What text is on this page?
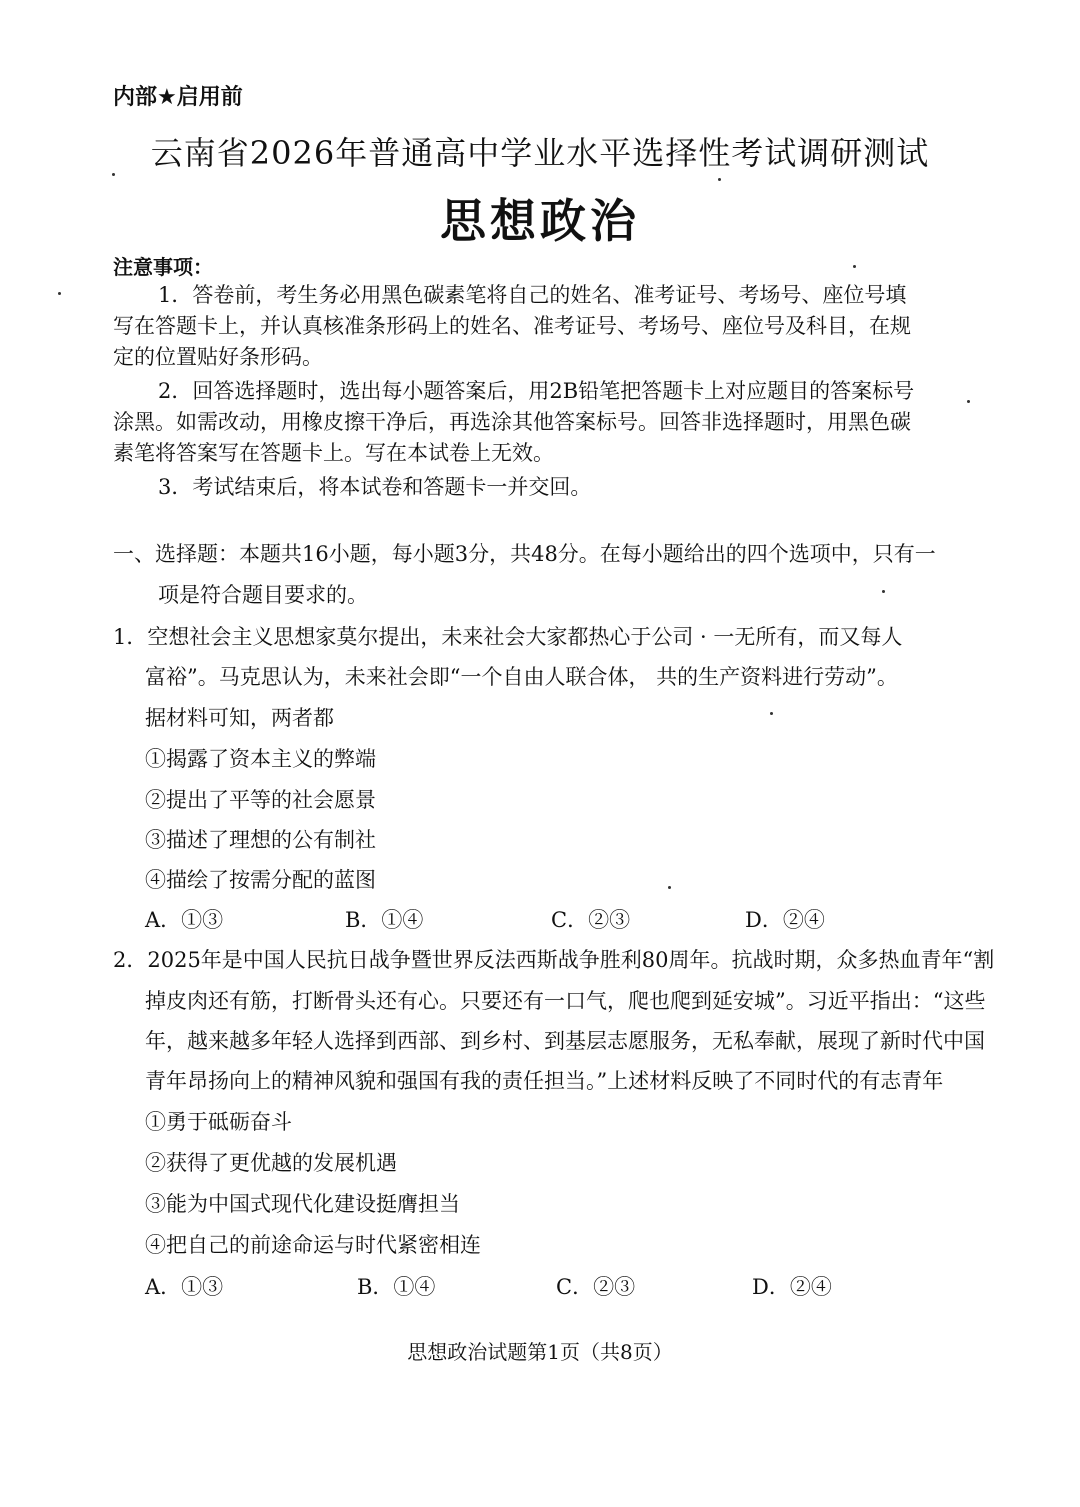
内部★启用前
云南省2026年普通高中学业水平选择性考试调研测试
思想政治
注意事项：
1．答卷前，考生务必用黑色碳素笔将自己的姓名、准考证号、考场号、座位号填
写在答题卡上，并认真核准条形码上的姓名、准考证号、考场号、座位号及科目，在规
定的位置贴好条形码。
2．回答选择题时，选出每小题答案后，用2B铅笔把答题卡上对应题目的答案标号
涂黑。如需改动，用橡皮擦干净后，再选涂其他答案标号。回答非选择题时，用黑色碳
素笔将答案写在答题卡上。写在本试卷上无效。
3．考试结束后，将本试卷和答题卡一并交回。
一、选择题：本题共16小题，每小题3分，共48分。在每小题给出的四个选项中，只有一
项是符合题目要求的。
1．空想社会主义思想家莫尔提出，未来社会大家都热心于公司 · 一无所有，而又每人
富裕”。马克思认为，未来社会即“一个自由人联合体， 共的生产资料进行劳动”。
据材料可知，两者都
①揭露了资本主义的弊端
②提出了平等的社会愿景
③描述了理想的公有制社
④描绘了按需分配的蓝图
A．①③	B．①④	C．②③	D．②④
2．2025年是中国人民抗日战争暨世界反法西斯战争胜利80周年。抗战时期，众多热血青年“割
掉皮肉还有筋，打断骨头还有心。只要还有一口气，爬也爬到延安城”。习近平指出：“这些
年，越来越多年轻人选择到西部、到乡村、到基层志愿服务，无私奉献，展现了新时代中国
青年昂扬向上的精神风貌和强国有我的责任担当。”上述材料反映了不同时代的有志青年
①勇于砥砺奋斗
②获得了更优越的发展机遇
③能为中国式现代化建设挺膺担当
④把自己的前途命运与时代紧密相连
A．①③	B．①④	C．②③	D．②④
思想政治试题第1页（共8页）
